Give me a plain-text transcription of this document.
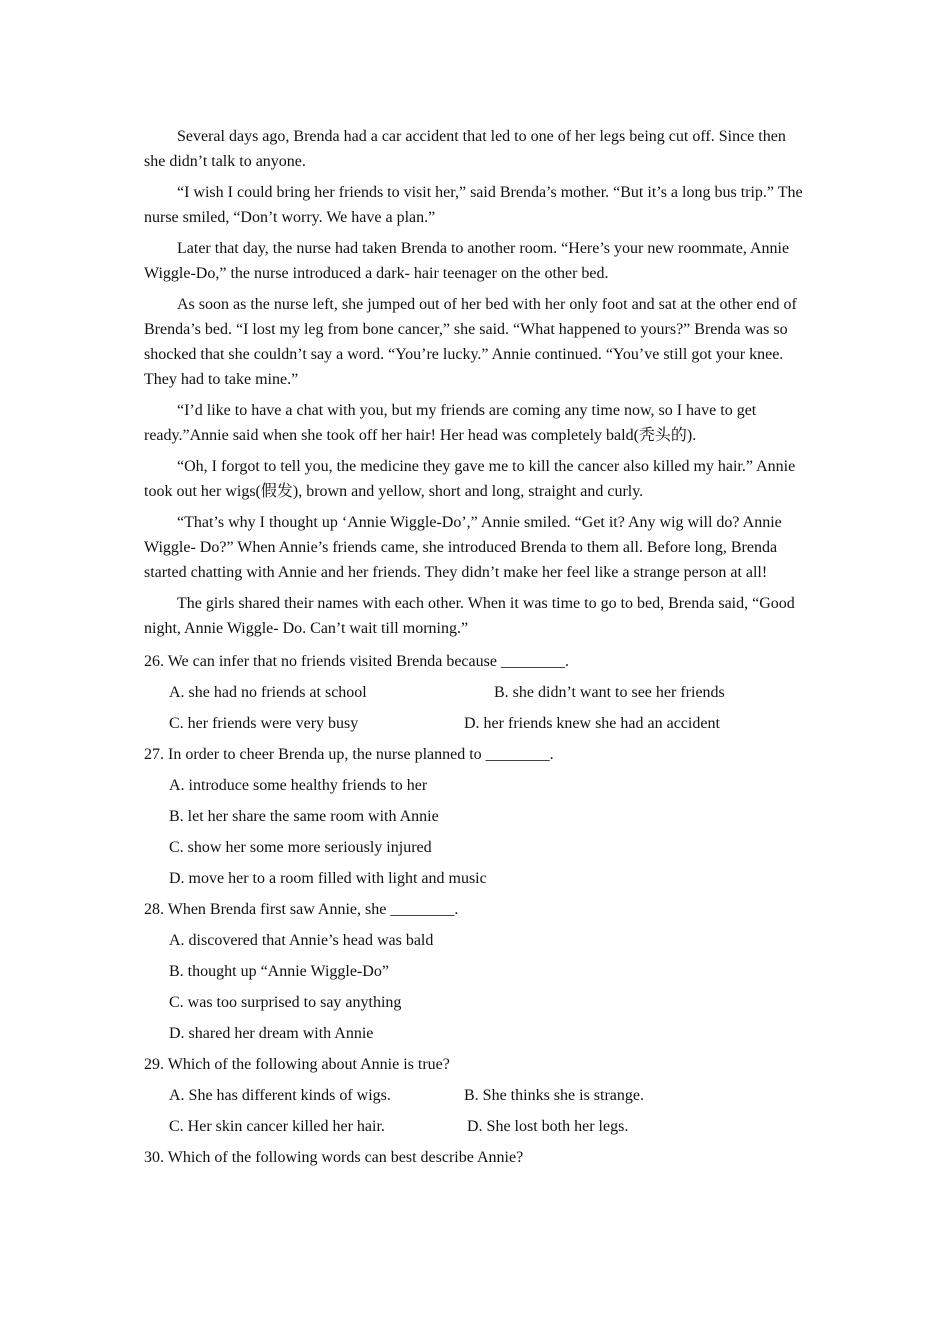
Several days ago, Brenda had a car accident that led to one of her legs being cut off. Since then she didn’t talk to anyone.

“I wish I could bring her friends to visit her,” said Brenda’s mother. “But it’s a long bus trip.” The nurse smiled, “Don’t worry. We have a plan.”

Later that day, the nurse had taken Brenda to another room. “Here’s your new roommate, Annie Wiggle-Do,” the nurse introduced a dark- hair teenager on the other bed.

As soon as the nurse left, she jumped out of her bed with her only foot and sat at the other end of Brenda’s bed. “I lost my leg from bone cancer,” she said. “What happened to yours?” Brenda was so shocked that she couldn’t say a word. “You’re lucky.” Annie continued. “You’ve still got your knee. They had to take mine.”

“I’d like to have a chat with you, but my friends are coming any time now, so I have to get ready.”Annie said when she took off her hair! Her head was completely bald(秃头的).

“Oh, I forgot to tell you, the medicine they gave me to kill the cancer also killed my hair.” Annie took out her wigs(假发), brown and yellow, short and long, straight and curly.

“That’s why I thought up ‘Annie Wiggle-Do’,” Annie smiled. “Get it? Any wig will do? Annie Wiggle- Do?” When Annie’s friends came, she introduced Brenda to them all. Before long, Brenda started chatting with Annie and her friends. They didn’t make her feel like a strange person at all!

The girls shared their names with each other. When it was time to go to bed, Brenda said, “Good night, Annie Wiggle- Do. Can’t wait till morning.”

26. We can infer that no friends visited Brenda because ________.
A. she had no friends at school	B. she didn’t want to see her friends
C. her friends were very busy	D. her friends knew she had an accident
27. In order to cheer Brenda up, the nurse planned to ________.
A. introduce some healthy friends to her
B. let her share the same room with Annie
C. show her some more seriously injured
D. move her to a room filled with light and music
28. When Brenda first saw Annie, she ________.
A. discovered that Annie’s head was bald
B. thought up “Annie Wiggle-Do”
C. was too surprised to say anything
D. shared her dream with Annie
29. Which of the following about Annie is true?
A. She has different kinds of wigs.	B. She thinks she is strange.
C. Her skin cancer killed her hair.	D. She lost both her legs.
30. Which of the following words can best describe Annie?
